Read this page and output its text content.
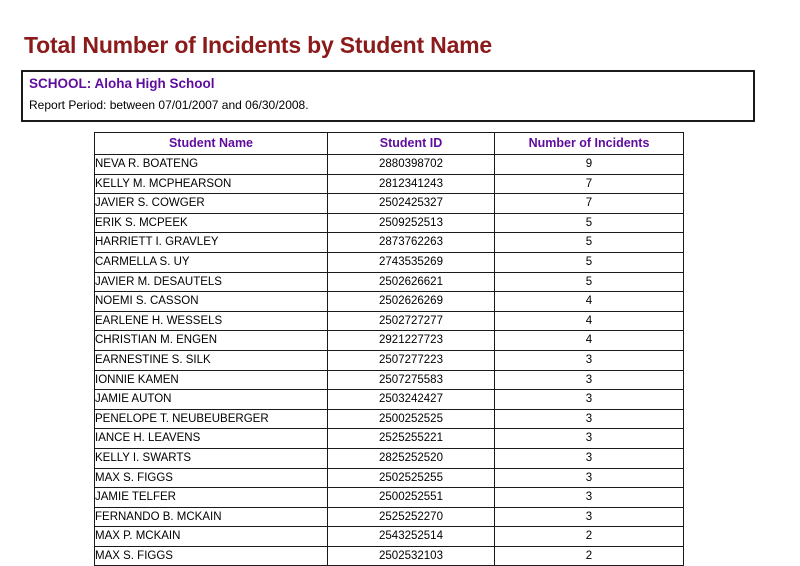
Total Number of Incidents by Student Name
SCHOOL: Aloha High School
Report Period: between 07/01/2007 and 06/30/2008.
Student Name	Student ID	Number of Incidents
NEVA R. BOATENG	2880398702	9
KELLY M. MCPHEARSON	2812341243	7
JAVIER S. COWGER	2502425327	7
ERIK S. MCPEEK	2509252513	5
HARRIETT I. GRAVLEY	2873762263	5
CARMELLA S. UY	2743535269	5
JAVIER M. DESAUTELS	2502626621	5
NOEMI S. CASSON	2502626269	4
EARLENE H. WESSELS	2502727277	4
CHRISTIAN M. ENGEN	2921227723	4
EARNESTINE S. SILK	2507277223	3
IONNIE KAMEN	2507275583	3
JAMIE AUTON	2503242427	3
PENELOPE T. NEUBEUBERGER	2500252525	3
IANCE H. LEAVENS	2525255221	3
KELLY I. SWARTS	2825252520	3
MAX S. FIGGS	2502525255	3
JAMIE TELFER	2500252551	3
FERNANDO B. MCKAIN	2525252270	3
MAX P. MCKAIN	2543252514	2
MAX S. FIGGS	2502532103	2
